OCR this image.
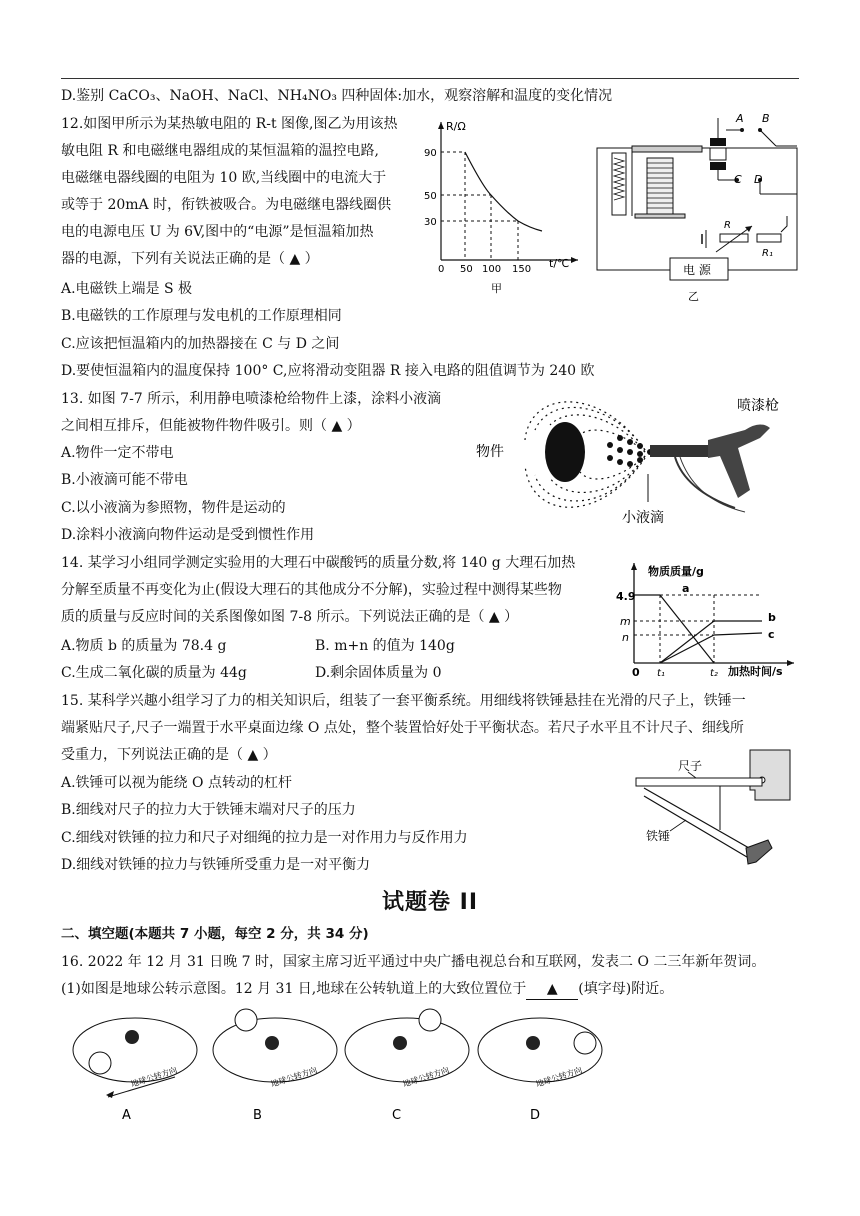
D.鉴别 CaCO₃、NaOH、NaCl、NH₄NO₃ 四种固体:加水，观察溶解和温度的变化情况
12.如图甲所示为某热敏电阻的 R-t 图像,图乙为用该热
敏电阻 R 和电磁继电器组成的某恒温箱的温控电路,
电磁继电器线圈的电阻为 10 欧,当线圈中的电流大于
或等于 20mA 时，衔铁被吸合。为电磁继电器线圈供
电的电源电压 U 为 6V,图中的“电源”是恒温箱加热
器的电源，下列有关说法正确的是（ ▲ ）
A.电磁铁上端是 S 极
B.电磁铁的工作原理与发电机的工作原理相同
C.应该把恒温箱内的加热器接在 C 与 D 之间
D.要使恒温箱内的温度保持 100° C,应将滑动变阻器 R 接入电路的阻值调节为 240 欧
R/Ω
t/℃
90
50
30
0 50 100 150
甲
A B
C D
R
R₁
电 源
乙
13. 如图 7-7 所示，利用静电喷漆枪给物件上漆，涂料小液滴
之间相互排斥，但能被物件物件吸引。则（ ▲ ）
A.物件一定不带电
B.小液滴可能不带电
C.以小液滴为参照物，物件是运动的
D.涂料小液滴向物件运动是受到惯性作用
物件
喷漆枪
小液滴
14. 某学习小组同学测定实验用的大理石中碳酸钙的质量分数,将 140 g 大理石加热
分解至质量不再变化为止(假设大理石的其他成分不分解)，实验过程中测得某些物
质的质量与反应时间的关系图像如图 7-8 所示。下列说法正确的是（ ▲ ）
A.物质 b 的质量为 78.4 g	B. m+n 的值为 140g
C.生成二氧化碳的质量为 44g	D.剩余固体质量为 0
物质质量/g
加热时间/s
4.9
m
n
0 t₁	t₂
a
b
c
15. 某科学兴趣小组学习了力的相关知识后，组装了一套平衡系统。用细线将铁锤悬挂在光滑的尺子上，铁锤一
端紧贴尺子,尺子一端置于水平桌面边缘 O 点处，整个装置恰好处于平衡状态。若尺子水平且不计尺子、细线所
受重力，下列说法正确的是（ ▲ ）
A.铁锤可以视为能绕 O 点转动的杠杆
B.细线对尺子的拉力大于铁锤末端对尺子的压力
C.细线对铁锤的拉力和尺子对细绳的拉力是一对作用力与反作用力
D.细线对铁锤的拉力与铁锤所受重力是一对平衡力
尺子
铁锤
试题卷 II
二、填空题(本题共 7 小题，每空 2 分，共 34 分)
16. 2022 年 12 月 31 日晚 7 时，国家主席习近平通过中央广播电视总台和互联网，发表二 O 二三年新年贺词。
(1)如图是地球公转示意图。12 月 31 日,地球在公转轨道上的大致位置位于 ▲ (填字母)附近。
地球公转方向
A
地球公转方向
B
地球公转方向
C
地球公转方向
D
